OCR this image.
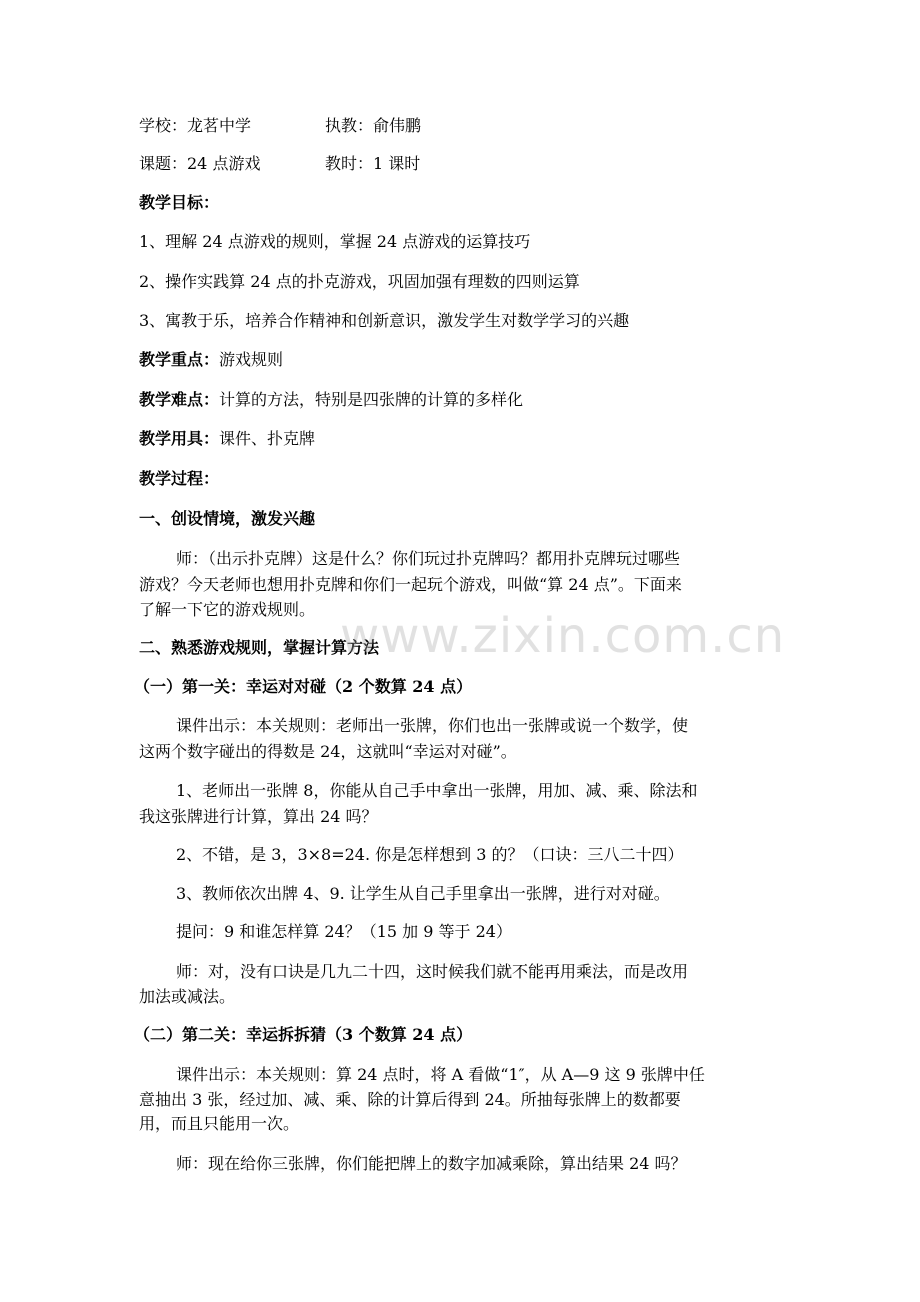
学校：龙茗中学	执教：俞伟鹏
课题：24 点游戏	教时：1 课时
教学目标：
1、理解 24 点游戏的规则，掌握 24 点游戏的运算技巧
2、操作实践算 24 点的扑克游戏，巩固加强有理数的四则运算
3、寓教于乐，培养合作精神和创新意识，激发学生对数学学习的兴趣
教学重点：游戏规则
教学难点：计算的方法，特别是四张牌的计算的多样化
教学用具：课件、扑克牌
教学过程：
一、创设情境，激发兴趣
师：（出示扑克牌）这是什么？你们玩过扑克牌吗？都用扑克牌玩过哪些
游戏？今天老师也想用扑克牌和你们一起玩个游戏，叫做“算 24 点”。下面来
了解一下它的游戏规则。
二、熟悉游戏规则，掌握计算方法
（一）第一关：幸运对对碰（2 个数算 24 点）
课件出示：本关规则：老师出一张牌，你们也出一张牌或说一个数学，使
这两个数字碰出的得数是 24，这就叫“幸运对对碰”。
1、老师出一张牌 8，你能从自己手中拿出一张牌，用加、减、乘、除法和
我这张牌进行计算，算出 24 吗？
2、不错，是 3，3×8=24. 你是怎样想到 3 的？（口诀：三八二十四）
3、教师依次出牌 4、9. 让学生从自己手里拿出一张牌，进行对对碰。
提问：9 和谁怎样算 24？（15 加 9 等于 24）
师：对，没有口诀是几九二十四，这时候我们就不能再用乘法，而是改用
加法或减法。
（二）第二关：幸运拆拆猜（3 个数算 24 点）
课件出示：本关规则：算 24 点时，将 A 看做“1″，从 A—9 这 9 张牌中任
意抽出 3 张，经过加、减、乘、除的计算后得到 24。所抽每张牌上的数都要
用，而且只能用一次。
师：现在给你三张牌，你们能把牌上的数字加减乘除，算出结果 24 吗？
www.zixin.com.cn
